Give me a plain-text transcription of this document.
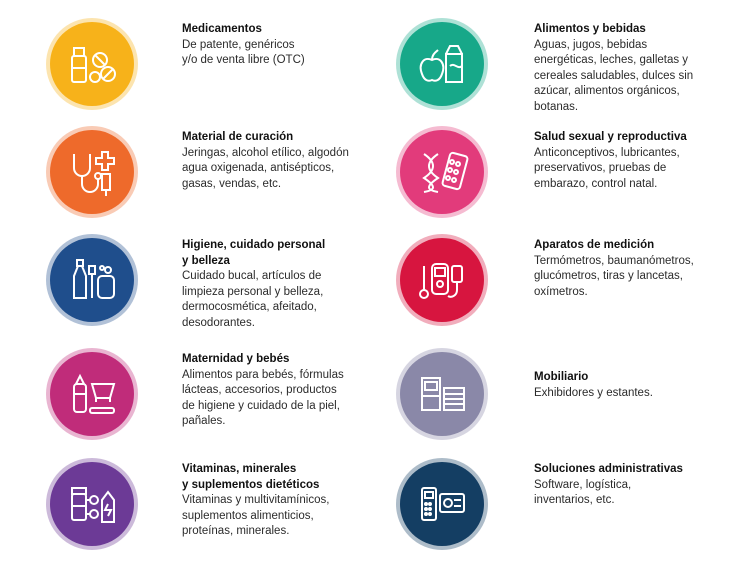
Medicamentos
De patente, genéricos
y/o de venta libre (OTC)
Material de curación
Jeringas, alcohol etílico, algodón
agua oxigenada, antisépticos,
gasas, vendas, etc.
Higiene, cuidado personal
y belleza
Cuidado bucal, artículos de
limpieza personal y belleza,
dermocosmética, afeitado,
desodorantes.
Maternidad y bebés
Alimentos para bebés, fórmulas
lácteas, accesorios, productos
de higiene y cuidado de la piel,
pañales.
Vitaminas, minerales
y suplementos dietéticos
Vitaminas y multivitamínicos,
suplementos alimenticios,
proteínas, minerales.
Alimentos y bebidas
Aguas, jugos, bebidas
energéticas, leches, galletas y
cereales saludables, dulces sin
azúcar, alimentos orgánicos,
botanas.
Salud sexual y reproductiva
Anticonceptivos, lubricantes,
preservativos, pruebas de
embarazo, control natal.
Aparatos de medición
Termómetros, baumanómetros,
glucómetros, tiras y lancetas,
oxímetros.
Mobiliario
Exhibidores y estantes.
Soluciones administrativas
Software, logística,
inventarios, etc.
